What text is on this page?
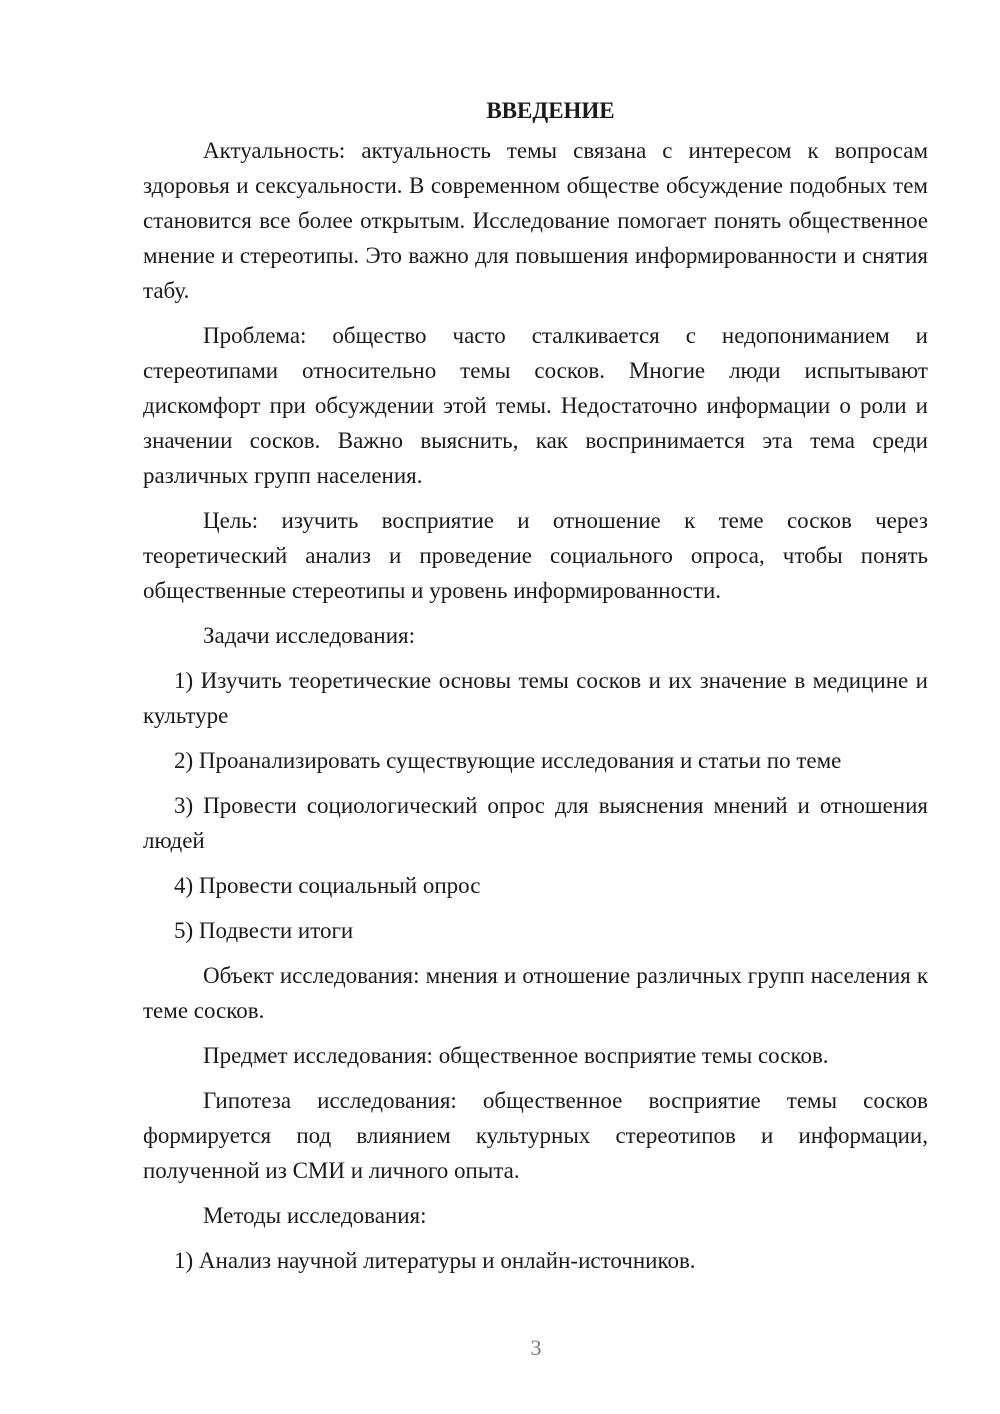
ВВЕДЕНИЕ

Актуальность: актуальность темы связана с интересом к вопросам здоровья и сексуальности. В современном обществе обсуждение подобных тем становится все более открытым. Исследование помогает понять общественное мнение и стереотипы. Это важно для повышения информированности и снятия табу.

Проблема: общество часто сталкивается с недопониманием и стереотипами относительно темы сосков. Многие люди испытывают дискомфорт при обсуждении этой темы. Недостаточно информации о роли и значении сосков. Важно выяснить, как воспринимается эта тема среди различных групп населения.

Цель: изучить восприятие и отношение к теме сосков через теоретический анализ и проведение социального опроса, чтобы понять общественные стереотипы и уровень информированности.

Задачи исследования:

1) Изучить теоретические основы темы сосков и их значение в медицине и культуре

2) Проанализировать существующие исследования и статьи по теме

3) Провести социологический опрос для выяснения мнений и отношения людей

4) Провести социальный опрос

5) Подвести итоги

Объект исследования: мнения и отношение различных групп населения к теме сосков.

Предмет исследования: общественное восприятие темы сосков.

Гипотеза исследования: общественное восприятие темы сосков формируется под влиянием культурных стереотипов и информации, полученной из СМИ и личного опыта.

Методы исследования:

1) Анализ научной литературы и онлайн-источников.

3
